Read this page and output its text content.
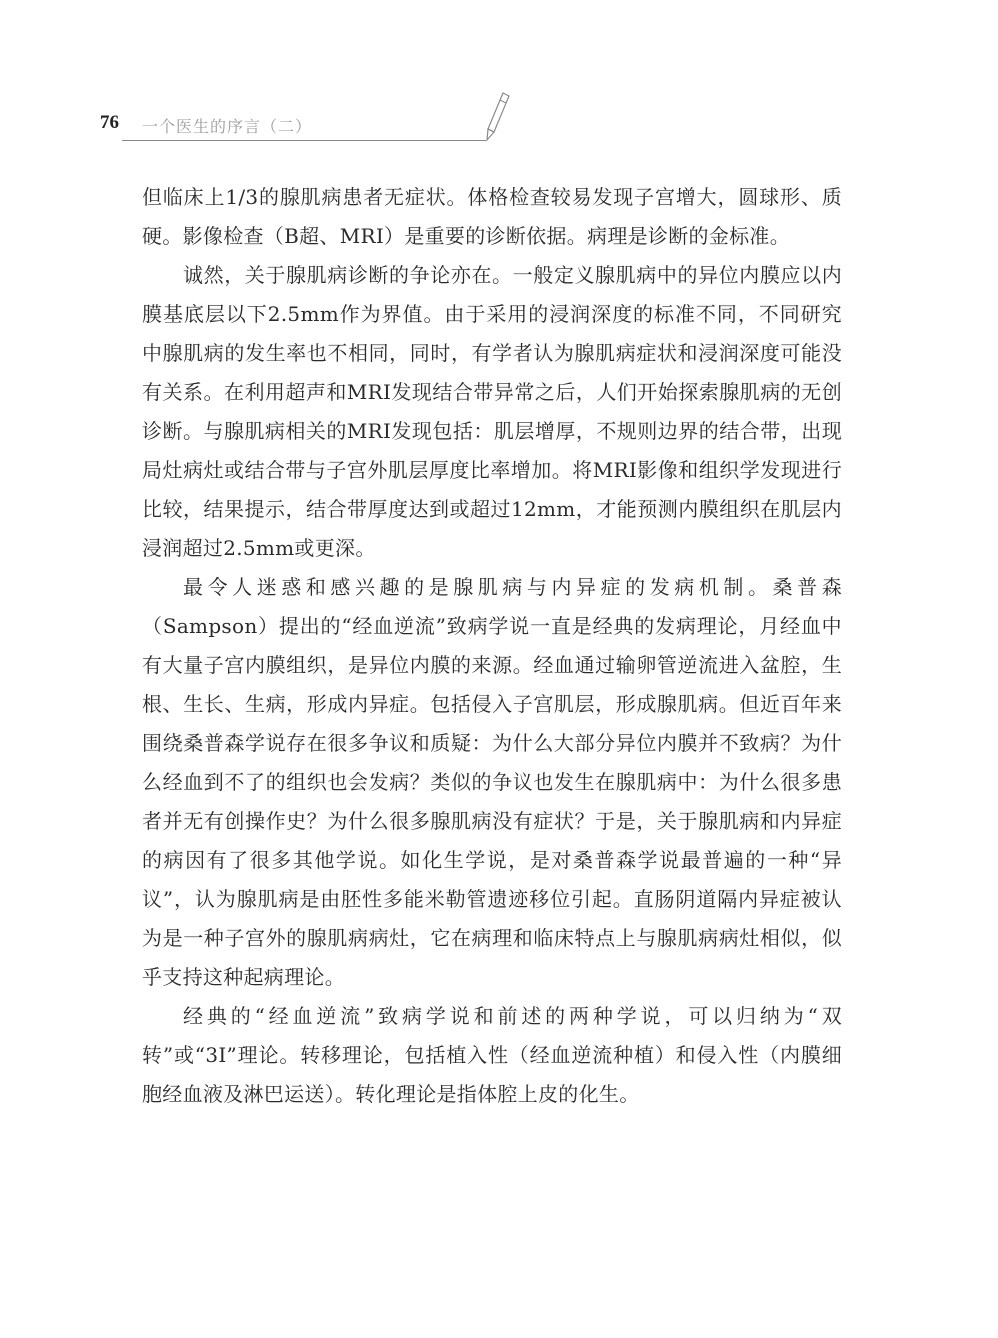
76 一个医生的序言（二）

但临床上1/3的腺肌病患者无症状。体格检查较易发现子宫增大，圆球形、质硬。影像检查（B超、MRI）是重要的诊断依据。病理是诊断的金标准。

诚然，关于腺肌病诊断的争论亦在。一般定义腺肌病中的异位内膜应以内膜基底层以下2.5mm作为界值。由于采用的浸润深度的标准不同，不同研究中腺肌病的发生率也不相同，同时，有学者认为腺肌病症状和浸润深度可能没有关系。在利用超声和MRI发现结合带异常之后，人们开始探索腺肌病的无创诊断。与腺肌病相关的MRI发现包括：肌层增厚，不规则边界的结合带，出现局灶病灶或结合带与子宫外肌层厚度比率增加。将MRI影像和组织学发现进行比较，结果提示，结合带厚度达到或超过12mm，才能预测内膜组织在肌层内浸润超过2.5mm或更深。

最令人迷惑和感兴趣的是腺肌病与内异症的发病机制。桑普森（Sampson）提出的“经血逆流”致病学说一直是经典的发病理论，月经血中有大量子宫内膜组织，是异位内膜的来源。经血通过输卵管逆流进入盆腔，生根、生长、生病，形成内异症。包括侵入子宫肌层，形成腺肌病。但近百年来围绕桑普森学说存在很多争议和质疑：为什么大部分异位内膜并不致病？为什么经血到不了的组织也会发病？类似的争议也发生在腺肌病中：为什么很多患者并无有创操作史？为什么很多腺肌病没有症状？于是，关于腺肌病和内异症的病因有了很多其他学说。如化生学说，是对桑普森学说最普遍的一种“异议”，认为腺肌病是由胚性多能米勒管遗迹移位引起。直肠阴道隔内异症被认为是一种子宫外的腺肌病病灶，它在病理和临床特点上与腺肌病病灶相似，似乎支持这种起病理论。

经典的“经血逆流”致病学说和前述的两种学说，可以归纳为“双转”或“3I”理论。转移理论，包括植入性（经血逆流种植）和侵入性（内膜细胞经血液及淋巴运送）。转化理论是指体腔上皮的化生。
